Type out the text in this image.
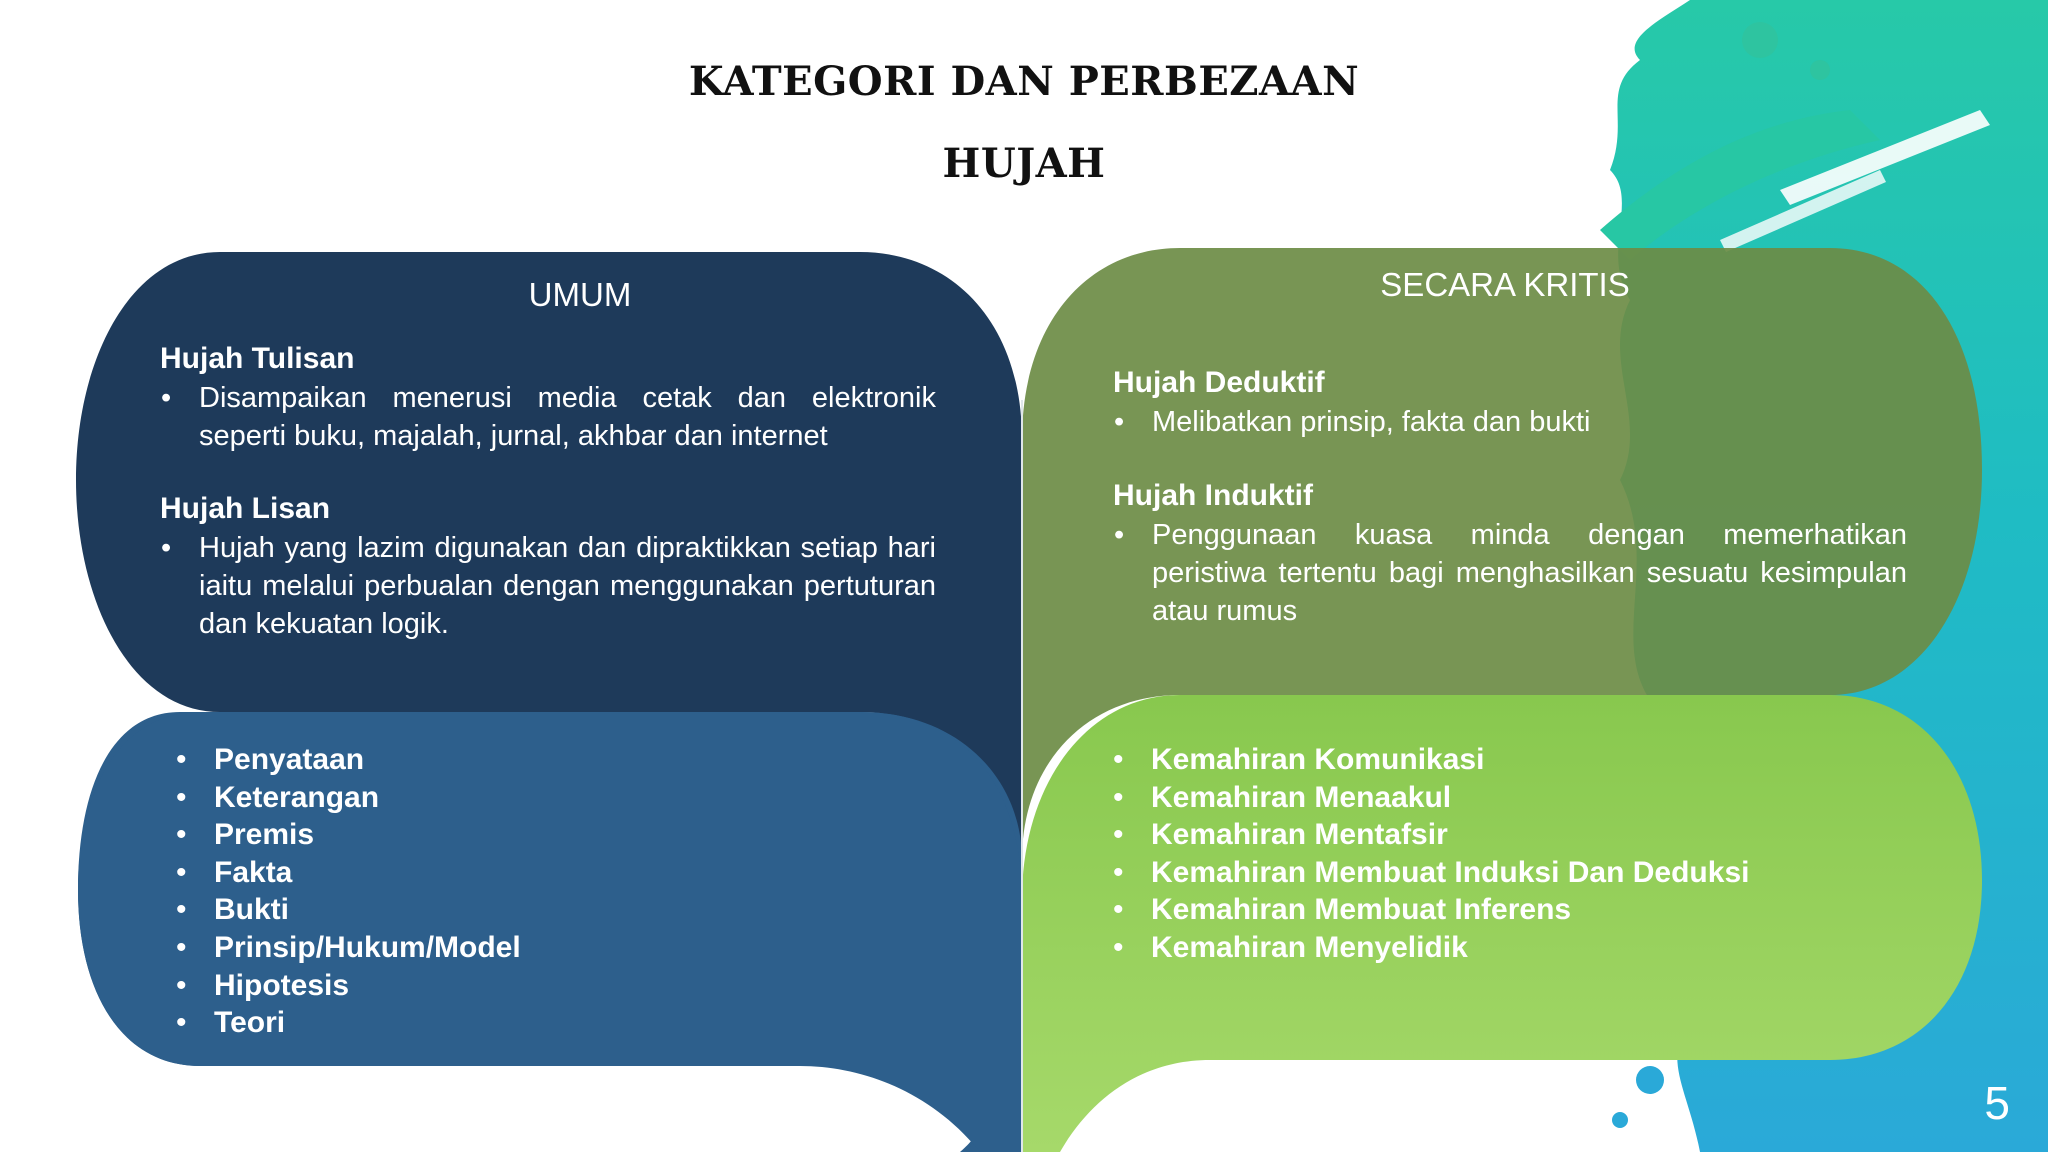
KATEGORI DAN PERBEZAAN
HUJAH
UMUM
Hujah Tulisan
• Disampaikan menerusi media cetak dan elektronik seperti buku, majalah, jurnal, akhbar dan internet
Hujah Lisan
• Hujah yang lazim digunakan dan dipraktikkan setiap hari iaitu melalui perbualan dengan menggunakan pertuturan dan kekuatan logik.
• Penyataan
• Keterangan
• Premis
• Fakta
• Bukti
• Prinsip/Hukum/Model
• Hipotesis
• Teori
SECARA KRITIS
Hujah Deduktif
• Melibatkan prinsip, fakta dan bukti
Hujah Induktif
• Penggunaan kuasa minda dengan memerhatikan peristiwa tertentu bagi menghasilkan sesuatu kesimpulan atau rumus
• Kemahiran Komunikasi
• Kemahiran Menaakul
• Kemahiran Mentafsir
• Kemahiran Membuat Induksi Dan Deduksi
• Kemahiran Membuat Inferens
• Kemahiran Menyelidik
5
